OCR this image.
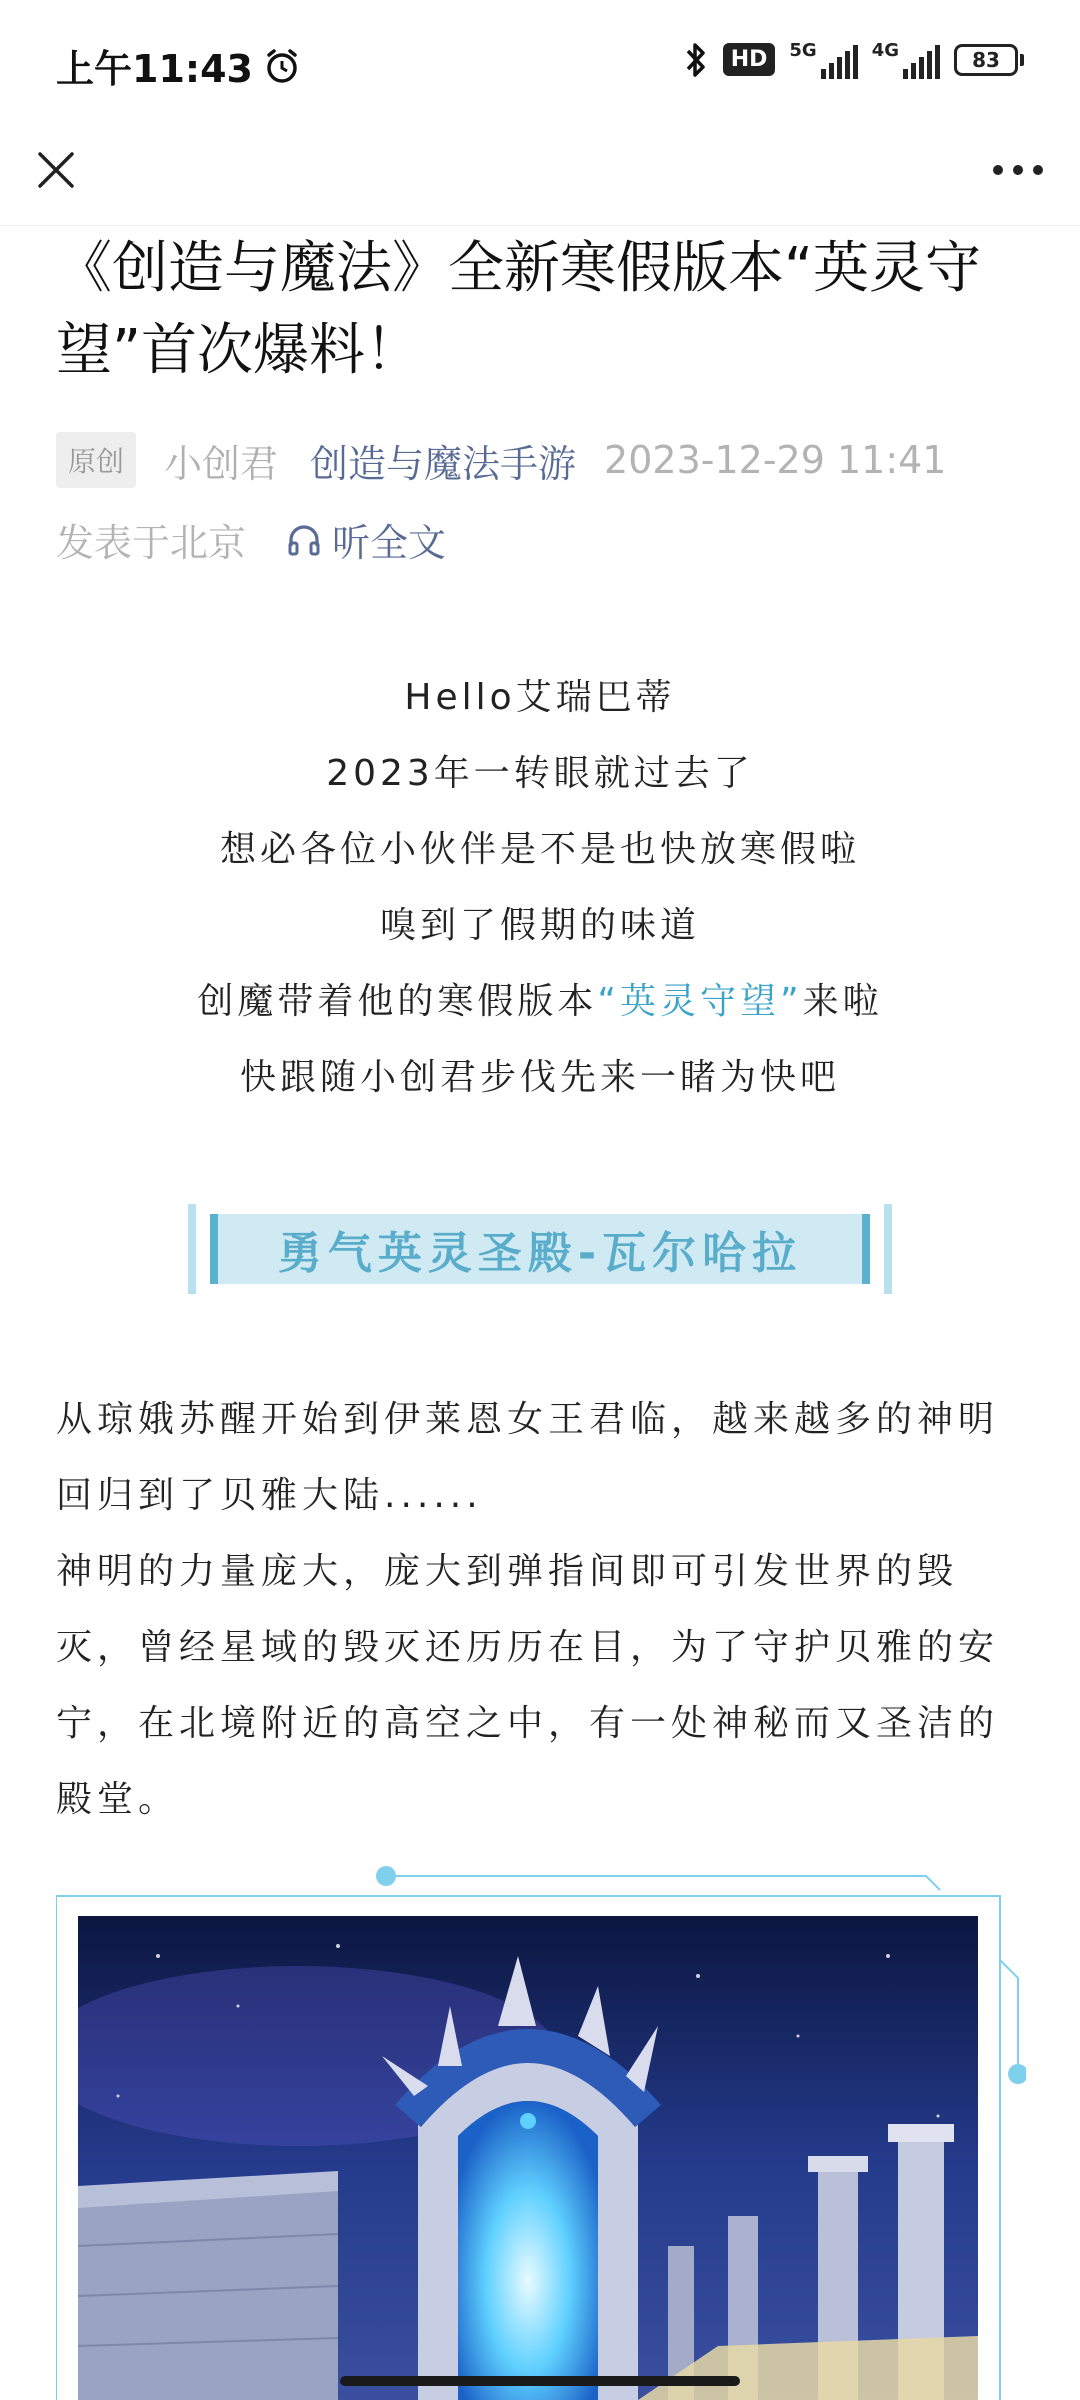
上午11:43	HD	5G	4G	83
《创造与魔法》全新寒假版本“英灵守望”首次爆料！
原创	小创君 创造与魔法手游 2023-12-29 11:41
发表于北京 听全文

Hello艾瑞巴蒂

2023年一转眼就过去了

想必各位小伙伴是不是也快放寒假啦

嗅到了假期的味道

创魔带着他的寒假版本“英灵守望”来啦

快跟随小创君步伐先来一睹为快吧

勇气英灵圣殿-瓦尔哈拉

从琼娥苏醒开始到伊莱恩女王君临，越来越多的神明回归到了贝雅大陆......

神明的力量庞大，庞大到弹指间即可引发世界的毁灭，曾经星域的毁灭还历历在目，为了守护贝雅的安宁，在北境附近的高空之中，有一处神秘而又圣洁的殿堂。
